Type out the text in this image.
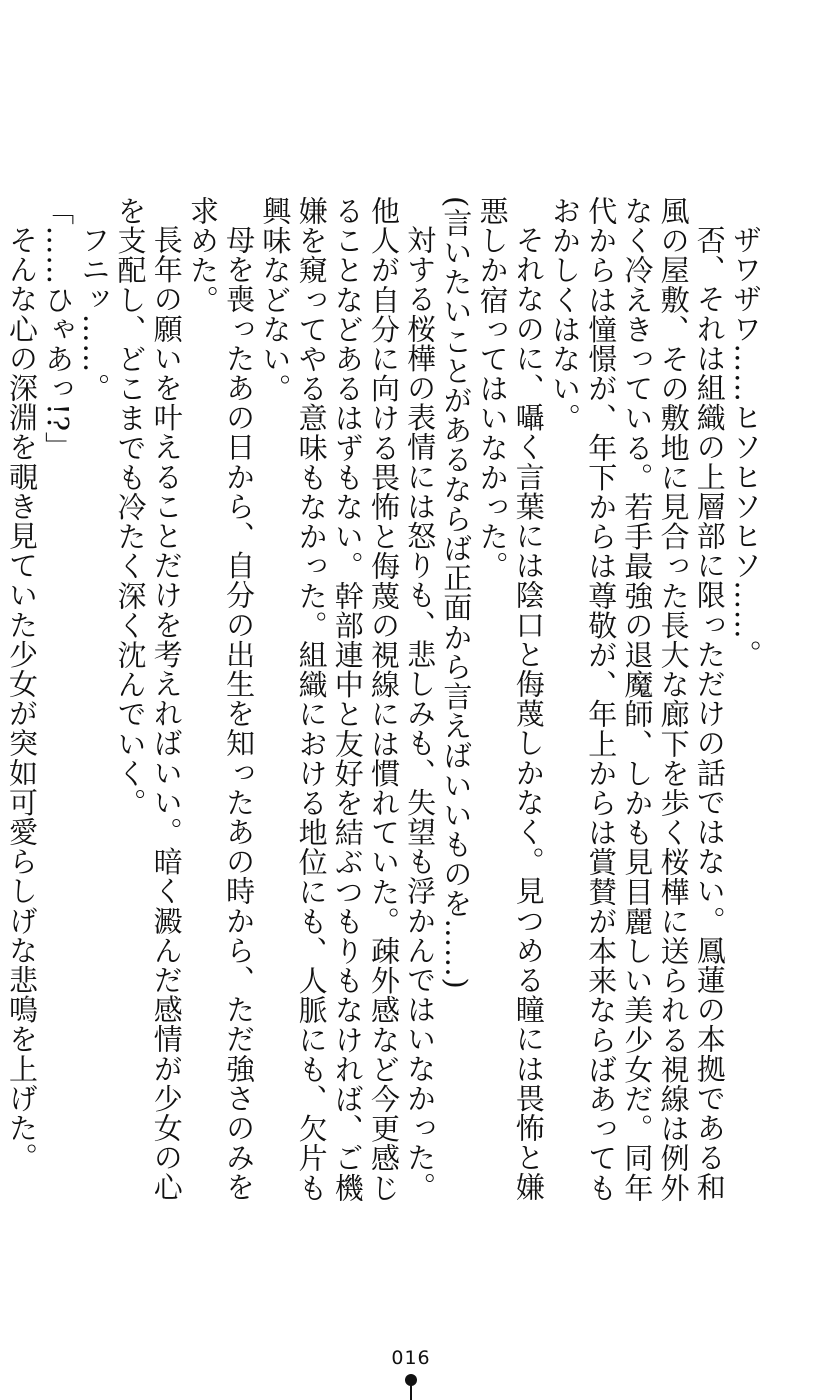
ザワザワ……ヒソヒソヒソ……。

否、それは組織の上層部に限っただけの話ではない。鳳蓮の本拠である和風の屋敷、その敷地に見合った長大な廊下を歩く桜樺に送られる視線は例外なく冷えきっている。若手最強の退魔師、しかも見目麗しい美少女だ。同年代からは憧憬が、年下からは尊敬が、年上からは賞賛が本来ならばあってもおかしくはない。

それなのに、囁く言葉には陰口と侮蔑しかなく。見つめる瞳には畏怖と嫌悪しか宿ってはいなかった。

(言いたいことがあるならば正面から言えばいいものを……)

対する桜樺の表情には怒りも、悲しみも、失望も浮かんではいなかった。他人が自分に向ける畏怖と侮蔑の視線には慣れていた。疎外感など今更感じることなどあるはずもない。幹部連中と友好を結ぶつもりもなければ、ご機嫌を窺ってやる意味もなかった。組織における地位にも、人脈にも、欠片も興味などない。

母を喪ったあの日から、自分の出生を知ったあの時から、ただ強さのみを求めた。

長年の願いを叶えることだけを考えればいい。暗く澱んだ感情が少女の心を支配し、どこまでも冷たく深く沈んでいく。

フニッ……。

「……ひゃあっ!?」

そんな心の深淵を覗き見ていた少女が突如可愛らしげな悲鳴を上げた。

016
